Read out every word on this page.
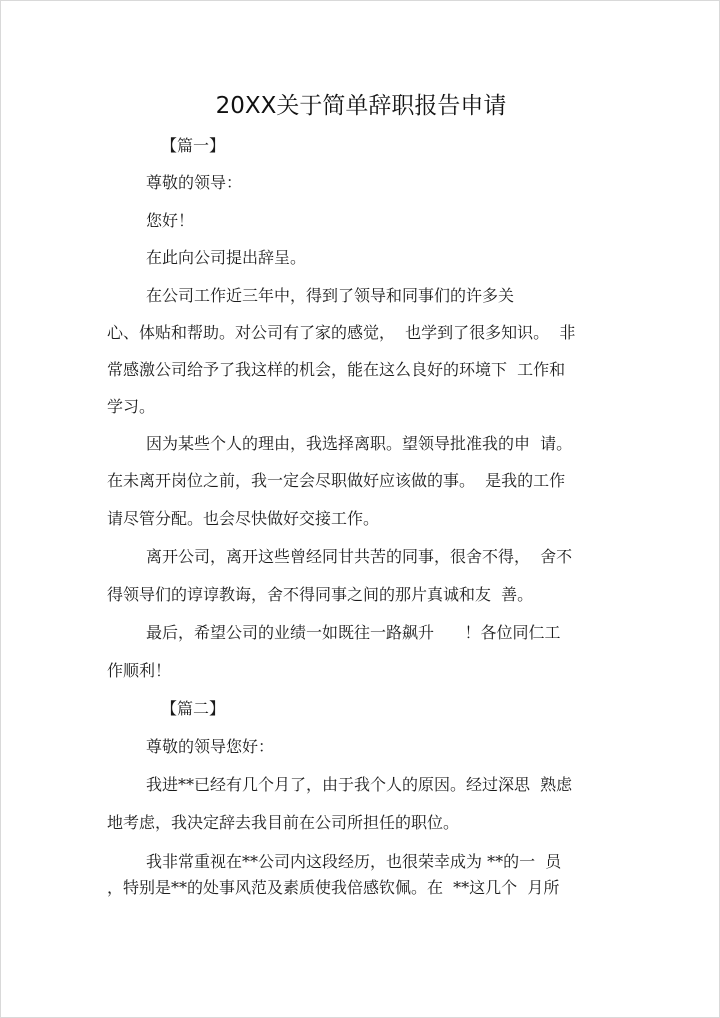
20XX关于简单辞职报告申请
【篇一】
尊敬的领导：
您好！
在此向公司提出辞呈。
在公司工作近三年中，得到了领导和同事们的许多关
心、体贴和帮助。对公司有了家的感觉，  也学到了很多知识。  非
常感激公司给予了我这样的机会，能在这么良好的环境下  工作和
学习。
因为某些个人的理由，我选择离职。望领导批准我的申  请。
在未离开岗位之前，我一定会尽职做好应该做的事。  是我的工作
请尽管分配。也会尽快做好交接工作。
离开公司，离开这些曾经同甘共苦的同事，很舍不得，  舍不
得领导们的谆谆教诲，舍不得同事之间的那片真诚和友  善。
最后，希望公司的业绩一如既往一路飙升      ！各位同仁工
作顺利！
【篇二】
尊敬的领导您好：
我进**已经有几个月了，由于我个人的原因。经过深思  熟虑
地考虑，我决定辞去我目前在公司所担任的职位。
我非常重视在**公司内这段经历，也很荣幸成为 **的一  员
，特别是**的处事风范及素质使我倍感钦佩。在  **这几个  月所
